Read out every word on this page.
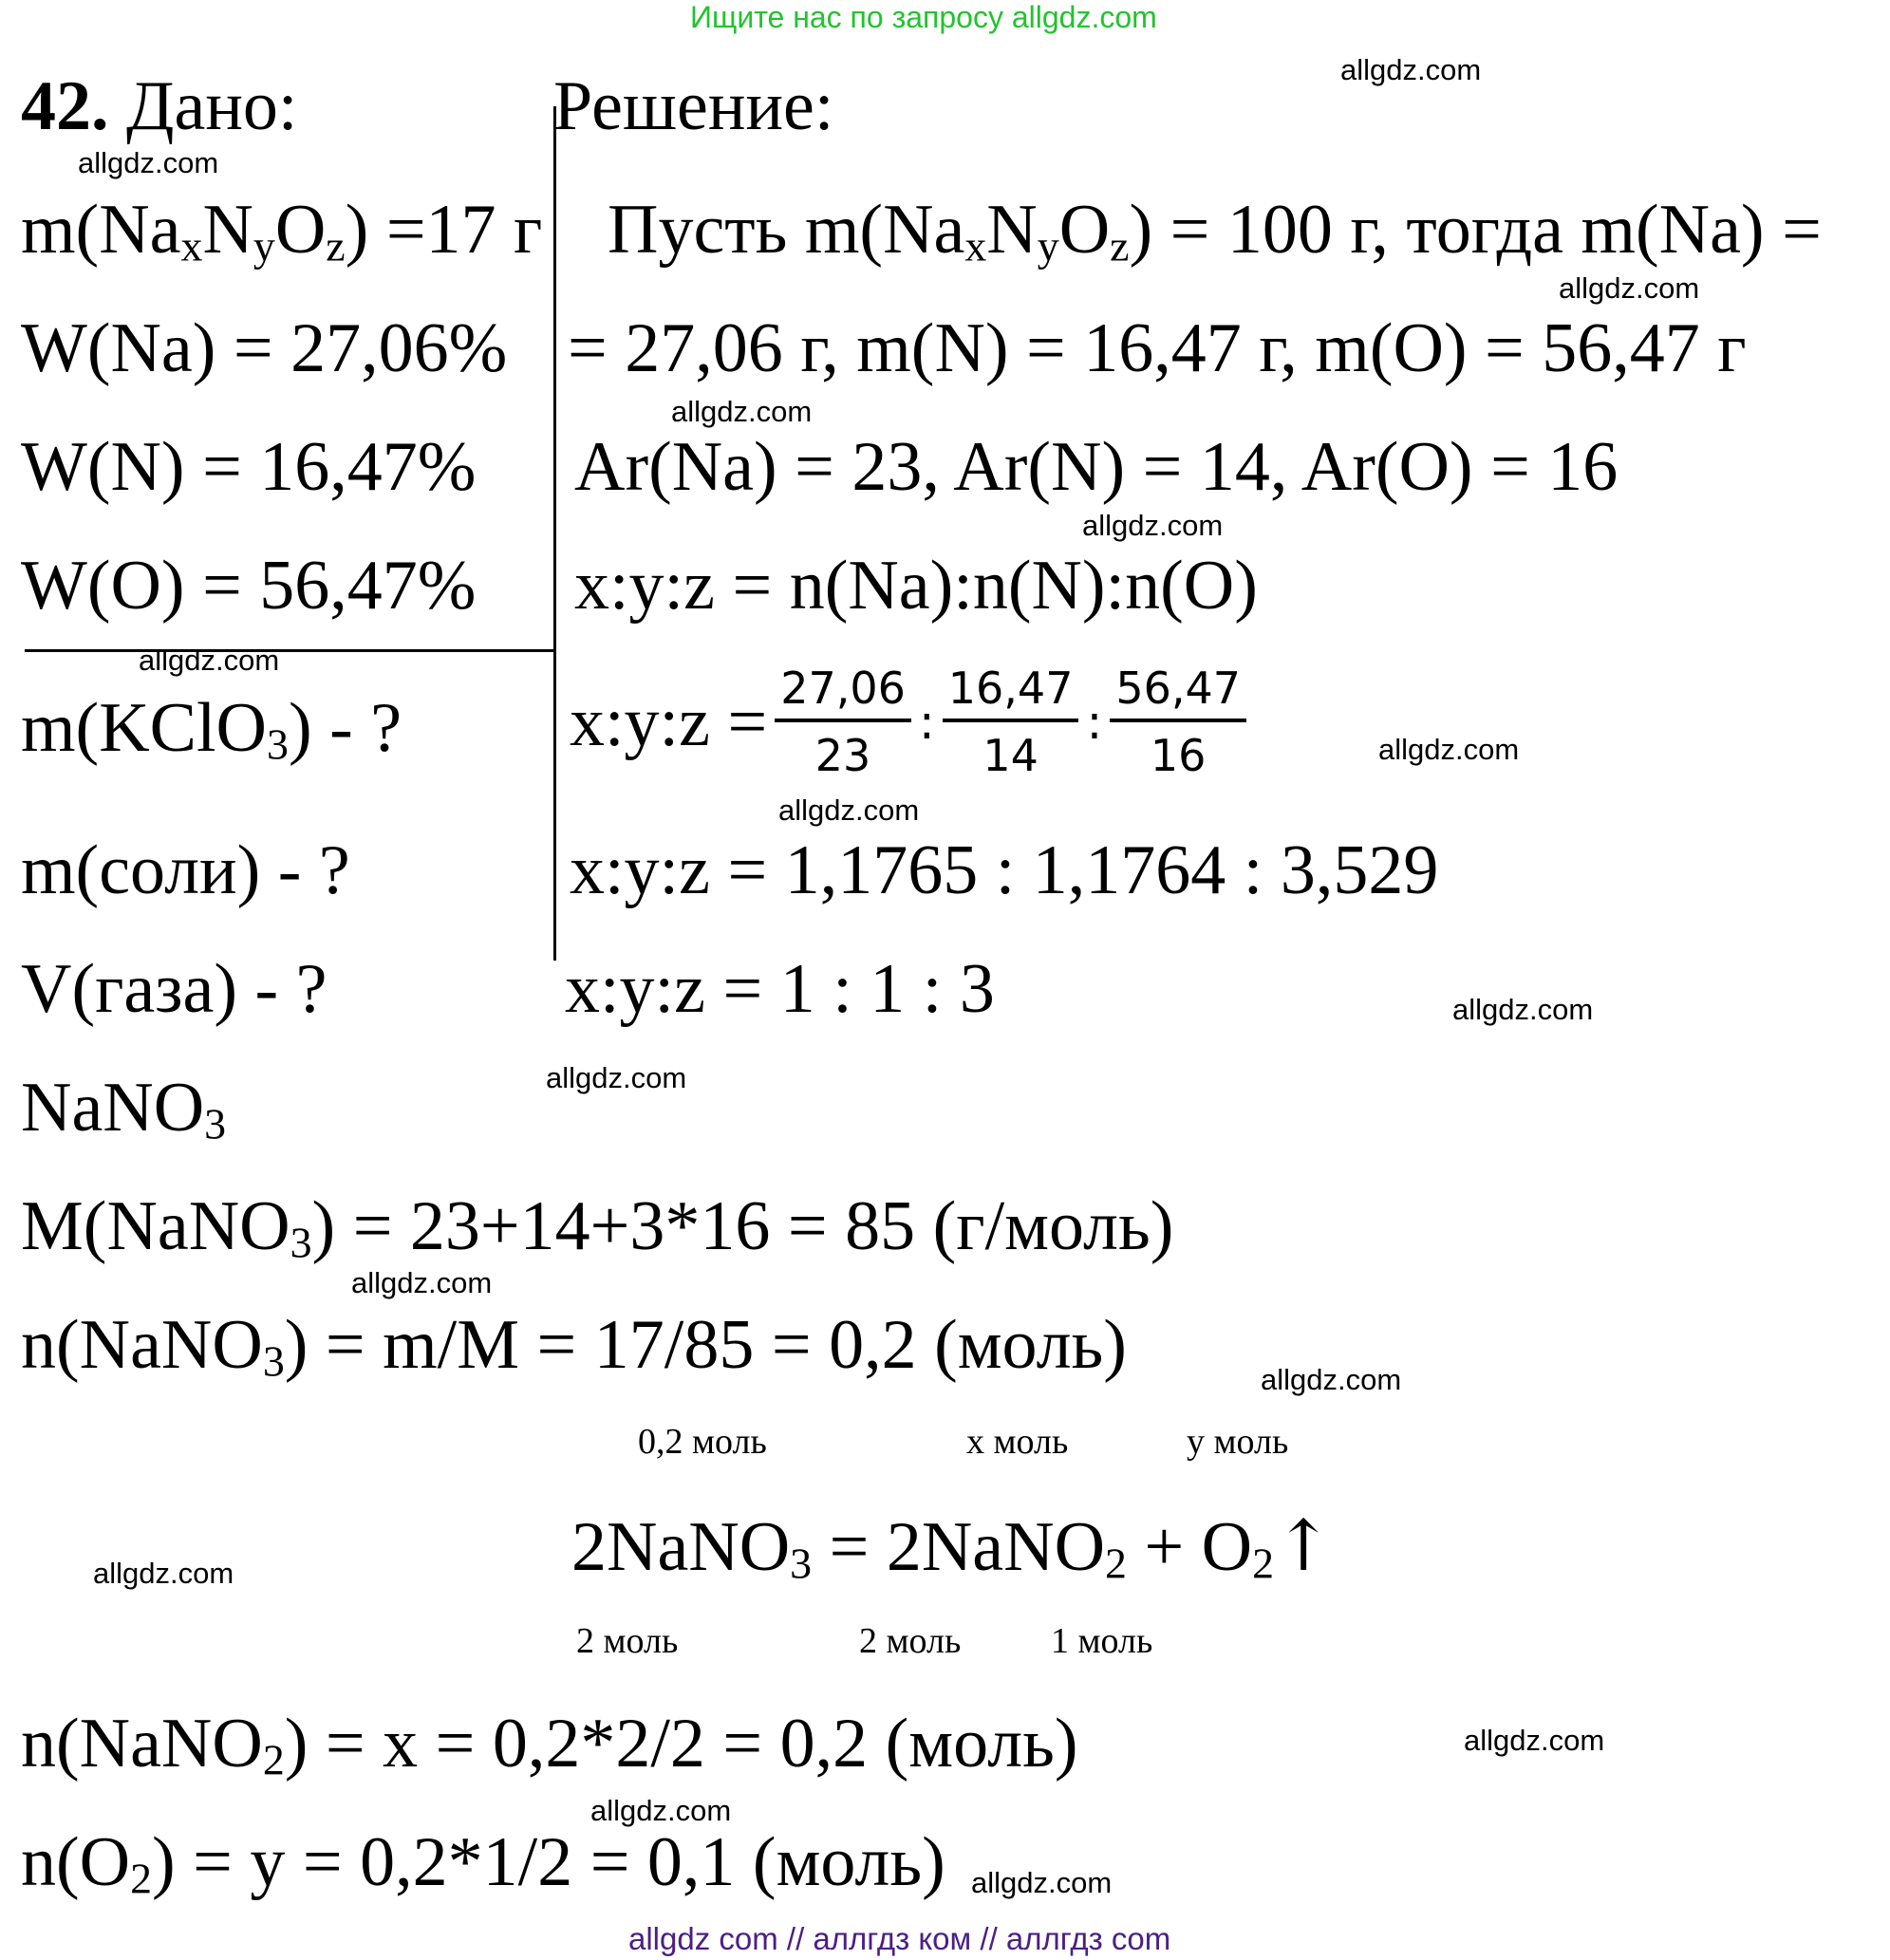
Ищите нас по запросу allgdz.com
42. Дано:	Решение:
$m(Na_xN_yO_z) =17$ г
W(Na) = 27,06%
W(N) = 16,47%
W(O) = 56,47%
m(KClO$_3$) - ?
m(соли) - ?
V(газа) - ?
Пусть $m(Na_xN_yO_z) = 100$ г, тогда m(Na) =
= 27,06 г, m(N) = 16,47 г, m(O) = 56,47 г
Ar(Na) = 23, Ar(N) = 14, Ar(O) = 16
x:y:z = n(Na):n(N):n(O)
x:y:z = $\frac{27,06}{23}$ : $\frac{16,47}{14}$ : $\frac{56,47}{16}$
x:y:z = 1,1765 : 1,1764 : 3,529
x:y:z = 1 : 1 : 3
NaNO$_3$
M(NaNO$_3$) = 23+14+3*16 = 85 (г/моль)
n(NaNO$_3$) = m/M = 17/85 = 0,2 (моль)
0,2 моль	x моль	y моль
2NaNO$_3$ = 2NaNO$_2$ + $O_2↑$
2 моль	2 моль 1 моль
n(NaNO$_2$) = x = 0,2*2/2 = 0,2 (моль)
$n(O_2) = y = 0,2*1/2 = 0,1$ (моль)
allgdz.com
allgdz.com
allgdz.com
allgdz.com
allgdz.com
allgdz.com
allgdz.com
allgdz.com
allgdz.com
allgdz.com
allgdz.com
allgdz.com
allgdz.com
allgdz.com
allgdz.com
allgdz.com
allgdz com // аллгдз ком // аллгдз com
